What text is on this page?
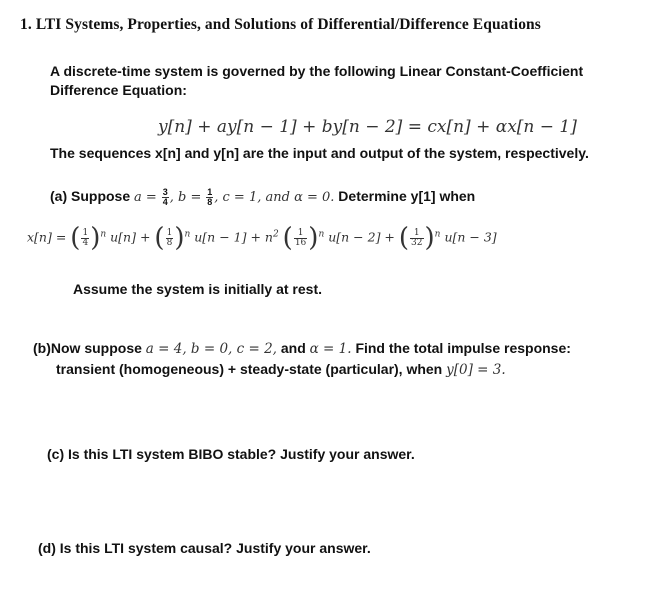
1. LTI Systems, Properties, and Solutions of Differential/Difference Equations
A discrete-time system is governed by the following Linear Constant-Coefficient
Difference Equation:
y[n] + ay[n − 1] + by[n − 2] = cx[n] + αx[n − 1]
The sequences x[n] and y[n] are the input and output of the system, respectively.
(a) Suppose $a = \frac{3}{4}$ , $b = \frac{1}{8}$ , c = 1, and α = 0. Determine y[1] when
x[n] = ( $\frac{1}{4} )^n$ u[n] + ( $\frac{1}{8} )^n$ $u[n - 1] + n^2$ ( $\frac{1}{16} )^n$ u[n − 2] + ( $\frac{1}{32} )^n$ u[n − 3]
Assume the system is initially at rest.
(b)Now suppose a = 4, b = 0, c = 2, and α = 1. Find the total impulse response:
transient (homogeneous) + steady-state (particular), when y[0] = 3.
(c) Is this LTI system BIBO stable? Justify your answer.
(d) Is this LTI system causal? Justify your answer.
